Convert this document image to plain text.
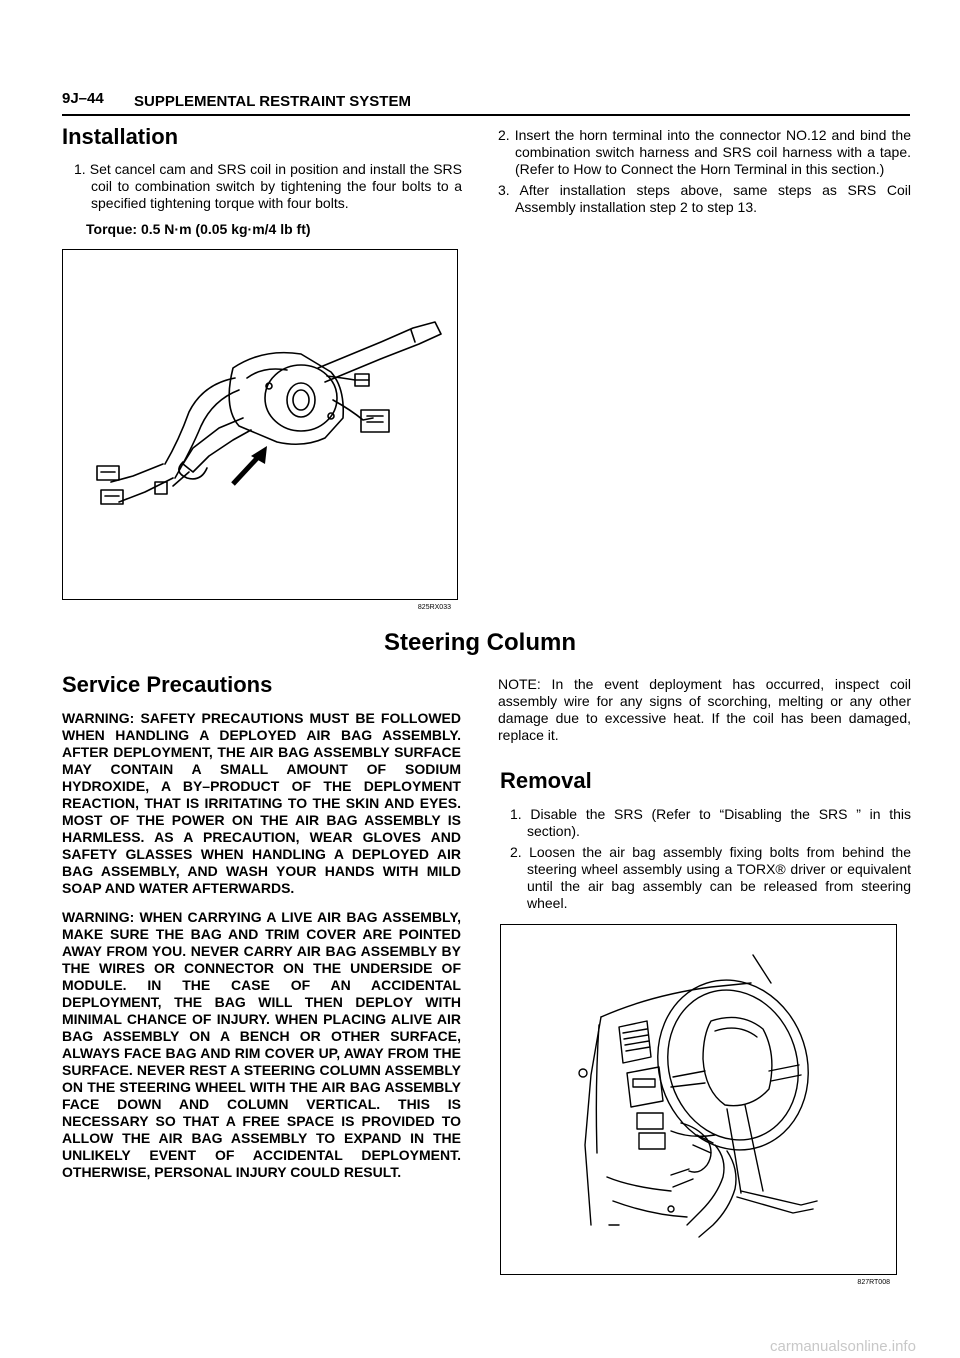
9J–44 SUPPLEMENTAL RESTRAINT SYSTEM
Installation

1. Set cancel cam and SRS coil in position and install the SRS coil to combination switch by tightening the four bolts to a specified tightening torque with four bolts.

Torque: 0.5 N·m (0.05 kg·m/4 lb ft)
825RX033

2. Insert the horn terminal into the connector NO.12 and bind the combination switch harness and SRS coil harness with a tape. (Refer to How to Connect the Horn Terminal in this section.)

3. After installation steps above, same steps as SRS Coil Assembly installation step 2 to step 13.

Steering Column
Service Precautions

WARNING: SAFETY PRECAUTIONS MUST BE FOLLOWED WHEN HANDLING A DEPLOYED AIR BAG ASSEMBLY. AFTER DEPLOYMENT, THE AIR BAG ASSEMBLY SURFACE MAY CONTAIN A SMALL AMOUNT OF SODIUM HYDROXIDE, A BY–PRODUCT OF THE DEPLOYMENT REACTION, THAT IS IRRITATING TO THE SKIN AND EYES. MOST OF THE POWER ON THE AIR BAG ASSEMBLY IS HARMLESS. AS A PRECAUTION, WEAR GLOVES AND SAFETY GLASSES WHEN HANDLING A DEPLOYED AIR BAG ASSEMBLY, AND WASH YOUR HANDS WITH MILD SOAP AND WATER AFTERWARDS.

WARNING: WHEN CARRYING A LIVE AIR BAG ASSEMBLY, MAKE SURE THE BAG AND TRIM COVER ARE POINTED AWAY FROM YOU. NEVER CARRY AIR BAG ASSEMBLY BY THE WIRES OR CONNECTOR ON THE UNDERSIDE OF MODULE. IN THE CASE OF AN ACCIDENTAL DEPLOYMENT, THE BAG WILL THEN DEPLOY WITH MINIMAL CHANCE OF INJURY. WHEN PLACING ALIVE AIR BAG ASSEMBLY ON A BENCH OR OTHER SURFACE, ALWAYS FACE BAG AND RIM COVER UP, AWAY FROM THE SURFACE. NEVER REST A STEERING COLUMN ASSEMBLY ON THE STEERING WHEEL WITH THE AIR BAG ASSEMBLY FACE DOWN AND COLUMN VERTICAL. THIS IS NECESSARY SO THAT A FREE SPACE IS PROVIDED TO ALLOW THE AIR BAG ASSEMBLY TO EXPAND IN THE UNLIKELY EVENT OF ACCIDENTAL DEPLOYMENT. OTHERWISE, PERSONAL INJURY COULD RESULT.

NOTE: In the event deployment has occurred, inspect coil assembly wire for any signs of scorching, melting or any other damage due to excessive heat. If the coil has been damaged, replace it.
Removal

1. Disable the SRS (Refer to “Disabling the SRS ” in this section).

2. Loosen the air bag assembly fixing bolts from behind the steering wheel assembly using a TORX® driver or equivalent until the air bag assembly can be released from steering wheel.

827RT008
carmanualsonline.info
